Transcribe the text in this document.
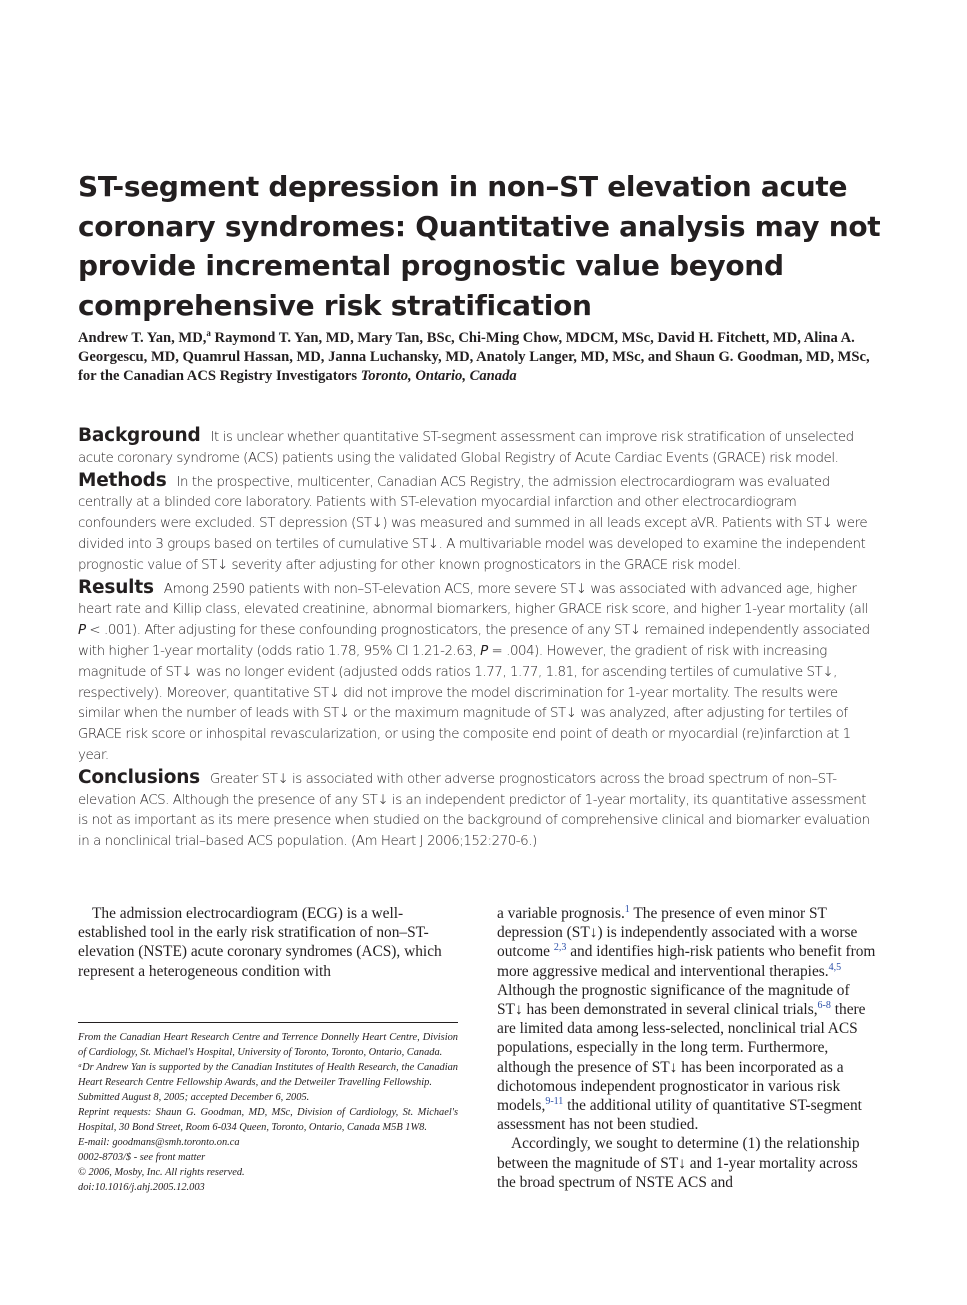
ST-segment depression in non–ST elevation acute coronary syndromes: Quantitative analysis may not provide incremental prognostic value beyond comprehensive risk stratification
Andrew T. Yan, MD,$^a$ Raymond T. Yan, MD, Mary Tan, BSc, Chi-Ming Chow, MDCM, MSc, David H. Fitchett, MD, Alina A. Georgescu, MD, Quamrul Hassan, MD, Janna Luchansky, MD, Anatoly Langer, MD, MSc, and Shaun G. Goodman, MD, MSc, for the Canadian ACS Registry Investigators Toronto, Ontario, Canada

Background It is unclear whether quantitative ST-segment assessment can improve risk stratification of unselected acute coronary syndrome (ACS) patients using the validated Global Registry of Acute Cardiac Events (GRACE) risk model.

Methods In the prospective, multicenter, Canadian ACS Registry, the admission electrocardiogram was evaluated centrally at a blinded core laboratory. Patients with ST-elevation myocardial infarction and other electrocardiogram confounders were excluded. ST depression (ST↓) was measured and summed in all leads except aVR. Patients with ST↓ were divided into 3 groups based on tertiles of cumulative ST↓. A multivariable model was developed to examine the independent prognostic value of ST↓ severity after adjusting for other known prognosticators in the GRACE risk model.

Results Among 2590 patients with non–ST-elevation ACS, more severe ST↓ was associated with advanced age, higher heart rate and Killip class, elevated creatinine, abnormal biomarkers, higher GRACE risk score, and higher 1-year mortality (all P < .001). After adjusting for these confounding prognosticators, the presence of any ST↓ remained independently associated with higher 1-year mortality (odds ratio 1.78, 95% CI 1.21-2.63, P = .004). However, the gradient of risk with increasing magnitude of ST↓ was no longer evident (adjusted odds ratios 1.77, 1.77, 1.81, for ascending tertiles of cumulative ST↓, respectively). Moreover, quantitative ST↓ did not improve the model discrimination for 1-year mortality. The results were similar when the number of leads with ST↓ or the maximum magnitude of ST↓ was analyzed, after adjusting for tertiles of GRACE risk score or inhospital revascularization, or using the composite end point of death or myocardial (re)infarction at 1 year.

Conclusions Greater ST↓ is associated with other adverse prognosticators across the broad spectrum of non–ST-elevation ACS. Although the presence of any ST↓ is an independent predictor of 1-year mortality, its quantitative assessment is not as important as its mere presence when studied on the background of comprehensive clinical and biomarker evaluation in a nonclinical trial–based ACS population. (Am Heart J 2006;152:270-6.)

The admission electrocardiogram (ECG) is a well-established tool in the early risk stratification of non–ST-elevation (NSTE) acute coronary syndromes (ACS), which represent a heterogeneous condition with

From the Canadian Heart Research Centre and Terrence Donnelly Heart Centre, Division of Cardiology, St. Michael's Hospital, University of Toronto, Toronto, Ontario, Canada.
ᵃDr Andrew Yan is supported by the Canadian Institutes of Health Research, the Canadian Heart Research Centre Fellowship Awards, and the Detweiler Travelling Fellowship.
Submitted August 8, 2005; accepted December 6, 2005.
Reprint requests: Shaun G. Goodman, MD, MSc, Division of Cardiology, St. Michael's Hospital, 30 Bond Street, Room 6-034 Queen, Toronto, Ontario, Canada M5B 1W8.
E-mail: goodmans@smh.toronto.on.ca
0002-8703/$ - see front matter
© 2006, Mosby, Inc. All rights reserved.
doi:10.1016/j.ahj.2005.12.003

a variable prognosis.$^1$ The presence of even minor ST depression (ST↓) is independently associated with a worse outcome $^{2,3}$ and identifies high-risk patients who benefit from more aggressive medical and interventional therapies.$^{4,5}$ Although the prognostic significance of the magnitude of ST↓ has been demonstrated in several clinical trials,$^{6-8}$ there are limited data among less-selected, nonclinical trial ACS populations, especially in the long term. Furthermore, although the presence of ST↓ has been incorporated as a dichotomous independent prognosticator in various risk models,$^{9-11}$ the additional utility of quantitative ST-segment assessment has not been studied.

Accordingly, we sought to determine (1) the relationship between the magnitude of ST↓ and 1-year mortality across the broad spectrum of NSTE ACS and
